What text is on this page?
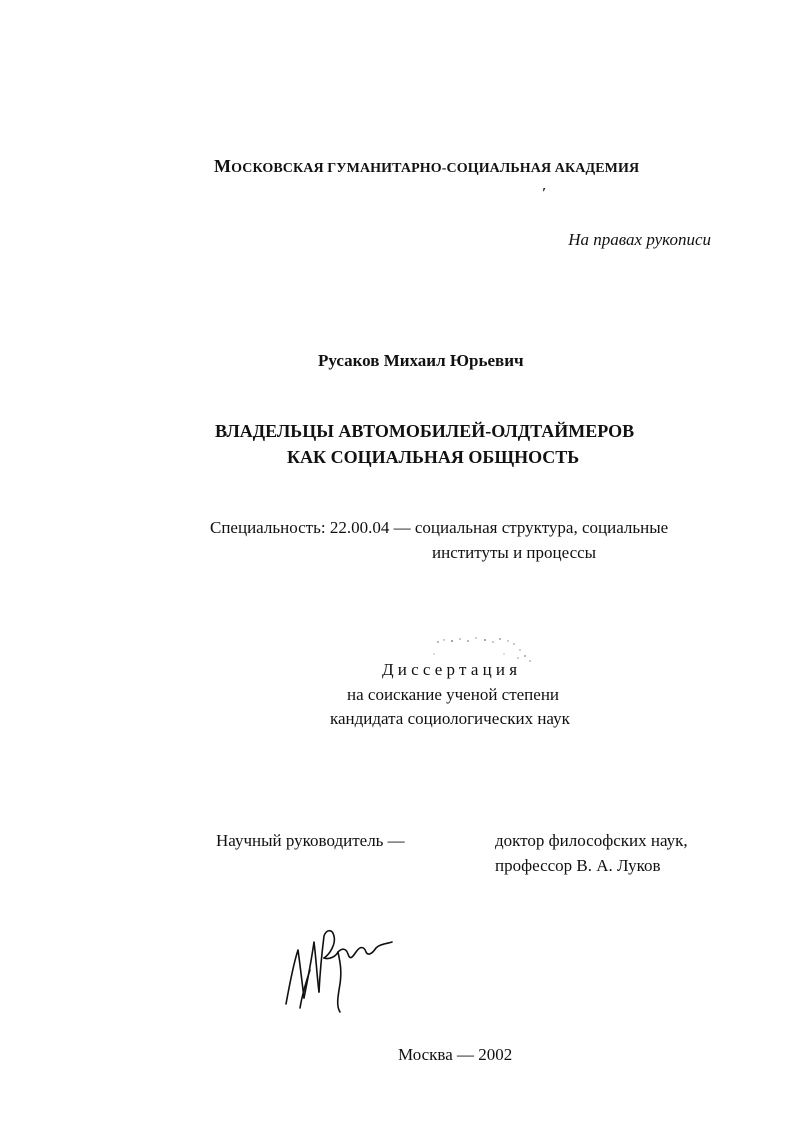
МОСКОВСКАЯ ГУМАНИТАРНО-СОЦИАЛЬНАЯ АКАДЕМИЯ
′
На правах рукописи
Русаков Михаил Юрьевич
ВЛАДЕЛЬЦЫ АВТОМОБИЛЕЙ-ОЛДТАЙМЕРОВ
КАК СОЦИАЛЬНАЯ ОБЩНОСТЬ
Специальность: 22.00.04 — социальная структура, социальные
институты и процессы
Диссертация
на соискание ученой степени
кандидата социологических наук
Научный руководитель —	доктор философских наук,
профессор В. А. Луков
Москва — 2002
